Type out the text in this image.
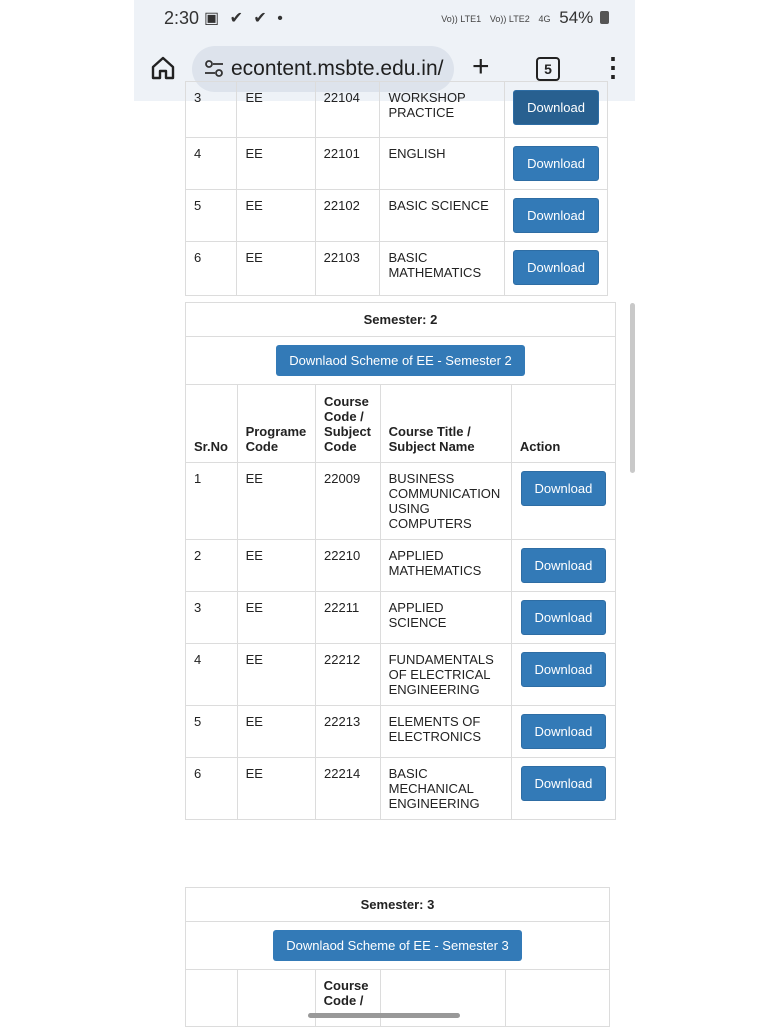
2:30 ▣ ✔ ✔ •	Vo)) LTE1 Vo)) LTE2 4G 54%
econtent.msbte.edu.in/ +	5	⋮
3	EE	22104	WORKSHOP PRACTICE	Download
4	EE	22101	ENGLISH	Download
5	EE	22102	BASIC SCIENCE	Download
6	EE	22103	BASIC MATHEMATICS	Download
Semester: 2				
Downlaod Scheme of EE - Semester 2				
Sr.No	Programe Code	Course Code / Subject Code	Course Title / Subject Name	Action
1	EE	22009	BUSINESS COMMUNICATION USING COMPUTERS	Download
2	EE	22210	APPLIED MATHEMATICS	Download
3	EE	22211	APPLIED SCIENCE	Download
4	EE	22212	FUNDAMENTALS OF ELECTRICAL ENGINEERING	Download
5	EE	22213	ELEMENTS OF ELECTRONICS	Download
6	EE	22214	BASIC MECHANICAL ENGINEERING	Download
Semester: 3
Downlaod Scheme of EE - Semester 3
		Course Code /		
